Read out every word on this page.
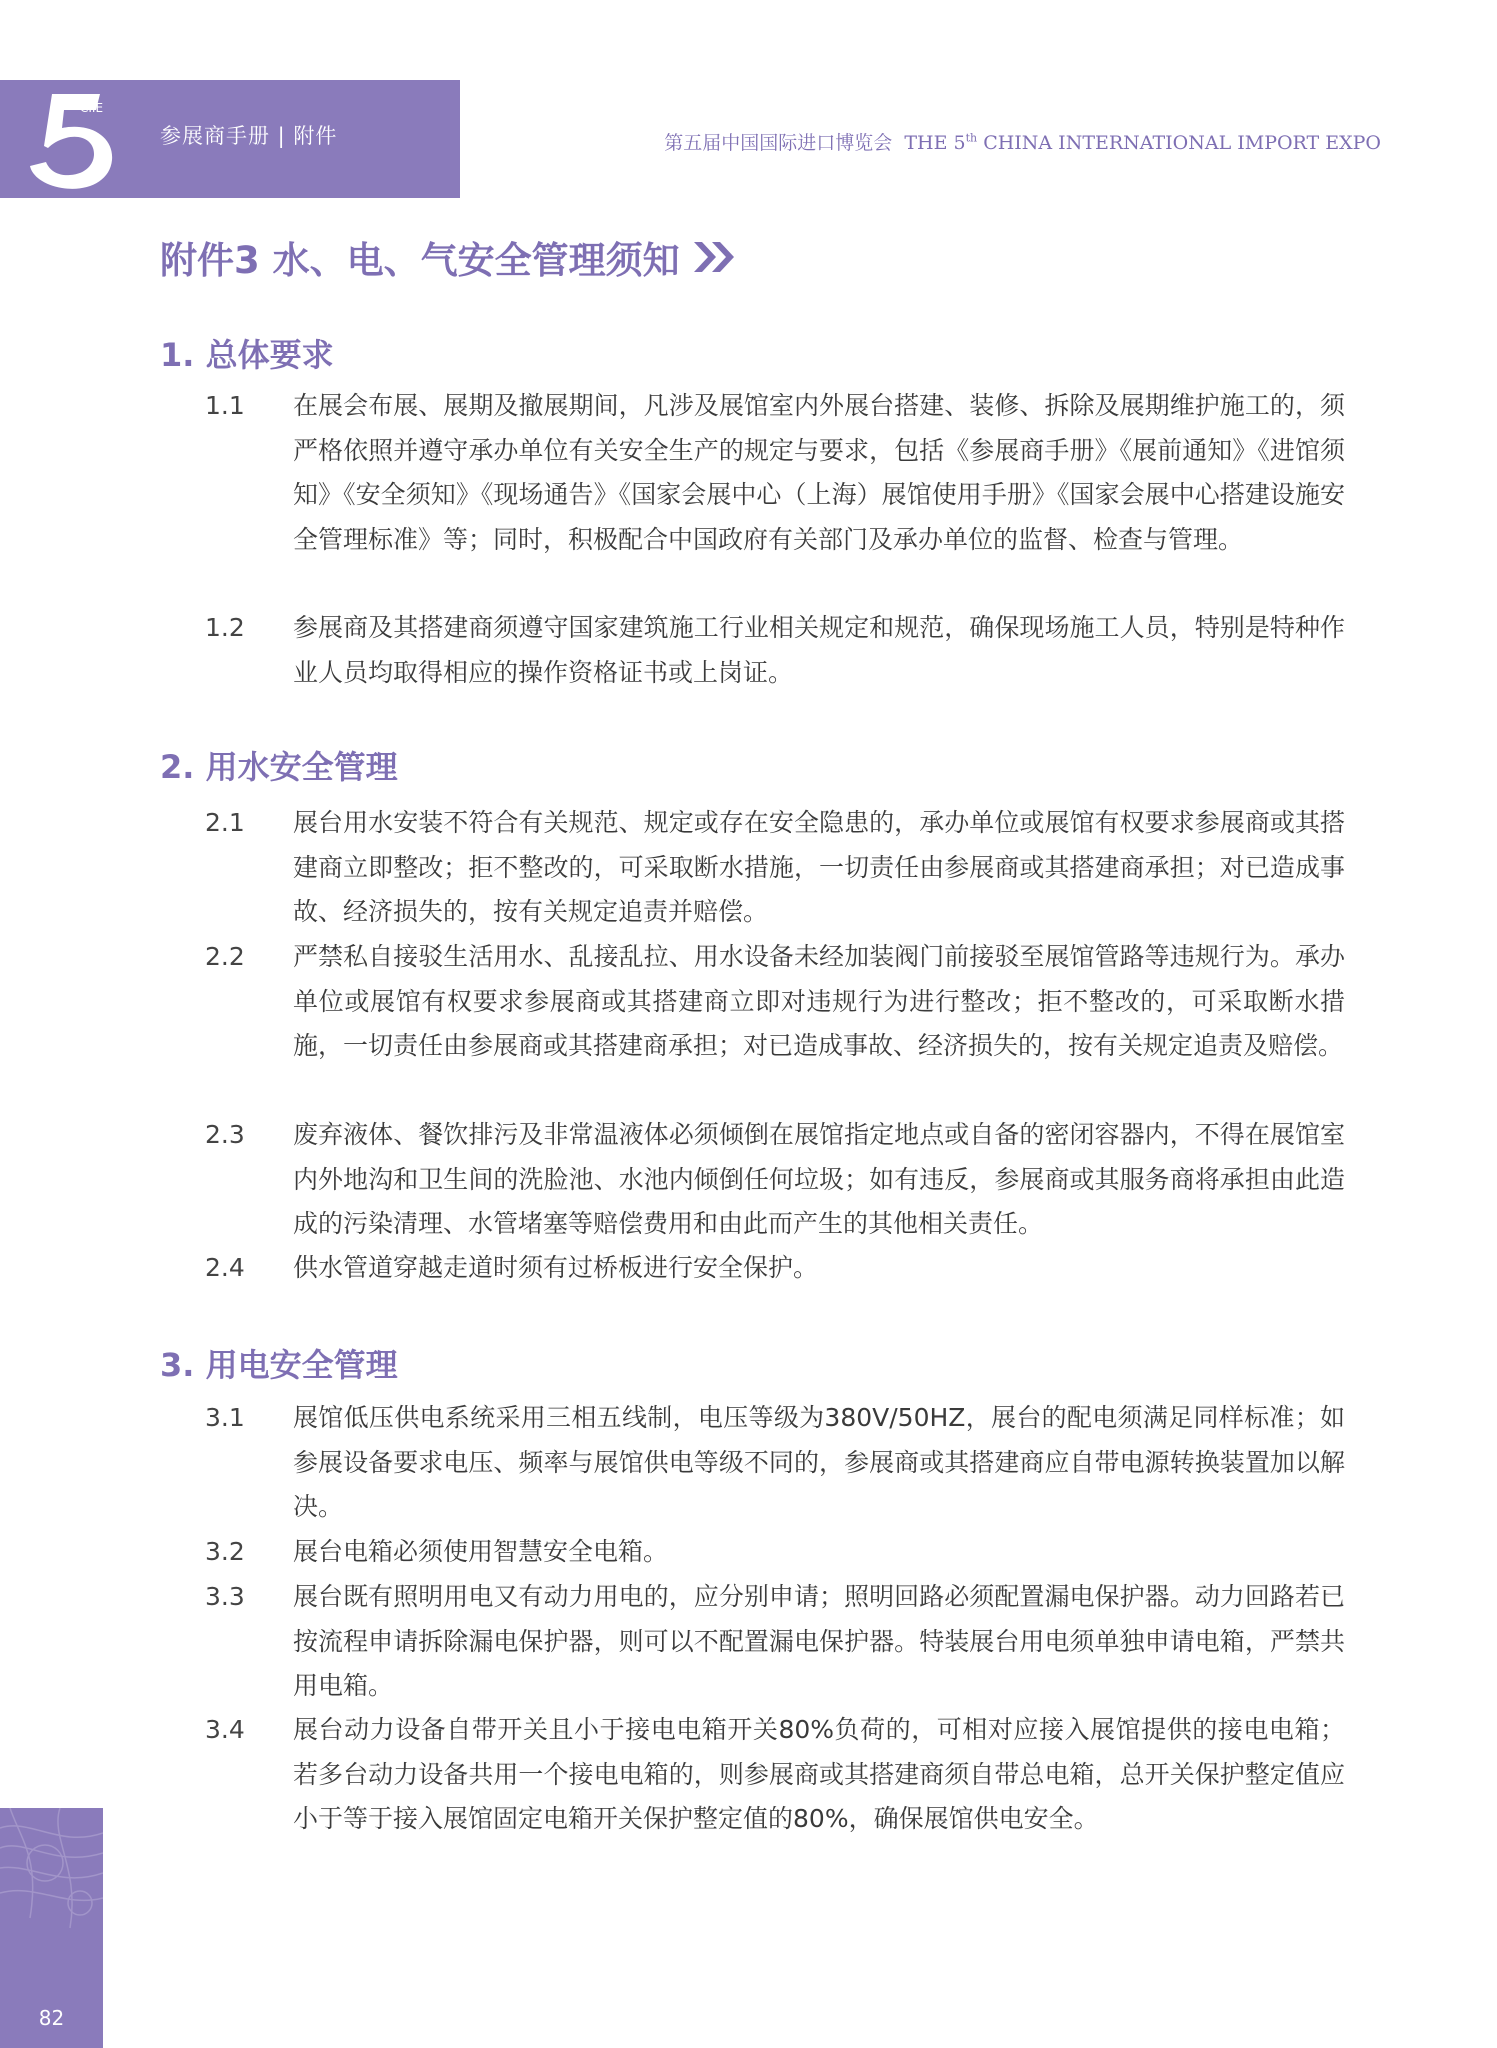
CIIE
参展商手册 | 附件	第五届中国国际进口博览会 THE 5th CHINA INTERNATIONAL IMPORT EXPO
附件3 水、电、气安全管理须知
1. 总体要求
1.1	在展会布展、展期及撤展期间，凡涉及展馆室内外展台搭建、装修、拆除及展期维护施工的，须严格依照并遵守承办单位有关安全生产的规定与要求，包括《参展商手册》《展前通知》《进馆须知》《安全须知》《现场通告》《国家会展中心（上海）展馆使用手册》《国家会展中心搭建设施安全管理标准》等；同时，积极配合中国政府有关部门及承办单位的监督、检查与管理。
1.2	参展商及其搭建商须遵守国家建筑施工行业相关规定和规范，确保现场施工人员，特别是特种作业人员均取得相应的操作资格证书或上岗证。
2. 用水安全管理
2.1	展台用水安装不符合有关规范、规定或存在安全隐患的，承办单位或展馆有权要求参展商或其搭建商立即整改；拒不整改的，可采取断水措施，一切责任由参展商或其搭建商承担；对已造成事故、经济损失的，按有关规定追责并赔偿。
2.2	严禁私自接驳生活用水、乱接乱拉、用水设备未经加装阀门前接驳至展馆管路等违规行为。承办单位或展馆有权要求参展商或其搭建商立即对违规行为进行整改；拒不整改的，可采取断水措施，一切责任由参展商或其搭建商承担；对已造成事故、经济损失的，按有关规定追责及赔偿。
2.3	废弃液体、餐饮排污及非常温液体必须倾倒在展馆指定地点或自备的密闭容器内，不得在展馆室内外地沟和卫生间的洗脸池、水池内倾倒任何垃圾；如有违反，参展商或其服务商将承担由此造成的污染清理、水管堵塞等赔偿费用和由此而产生的其他相关责任。
2.4	供水管道穿越走道时须有过桥板进行安全保护。
3. 用电安全管理
3.1	展馆低压供电系统采用三相五线制，电压等级为380V/50HZ，展台的配电须满足同样标准；如参展设备要求电压、频率与展馆供电等级不同的，参展商或其搭建商应自带电源转换装置加以解决。
3.2	展台电箱必须使用智慧安全电箱。
3.3	展台既有照明用电又有动力用电的，应分别申请；照明回路必须配置漏电保护器。动力回路若已按流程申请拆除漏电保护器，则可以不配置漏电保护器。特装展台用电须单独申请电箱，严禁共用电箱。
3.4	展台动力设备自带开关且小于接电电箱开关80%负荷的，可相对应接入展馆提供的接电电箱；若多台动力设备共用一个接电电箱的，则参展商或其搭建商须自带总电箱，总开关保护整定值应小于等于接入展馆固定电箱开关保护整定值的80%，确保展馆供电安全。
82
